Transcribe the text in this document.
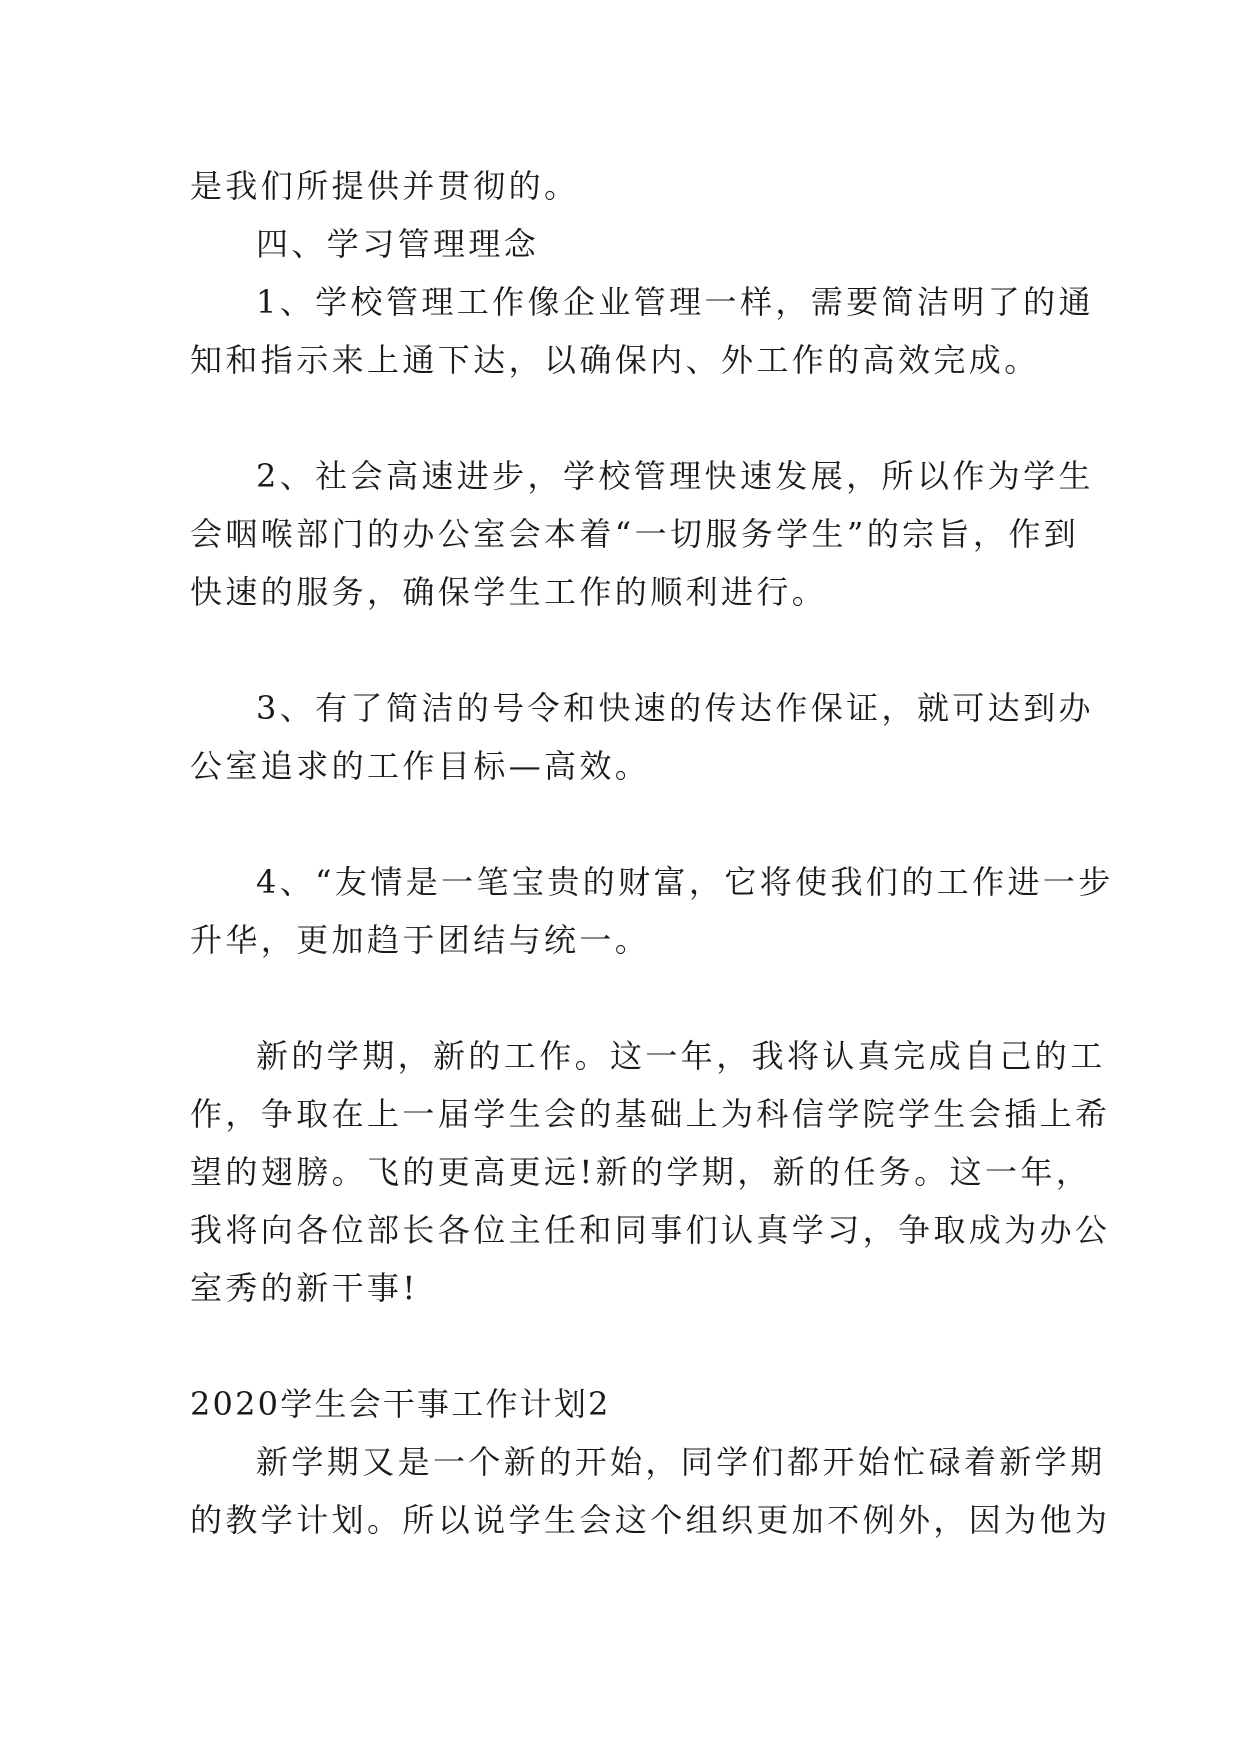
是我们所提供并贯彻的。
四、学习管理理念
1、学校管理工作像企业管理一样，需要简洁明了的通
知和指示来上通下达，以确保内、外工作的高效完成。
2、社会高速进步，学校管理快速发展，所以作为学生
会咽喉部门的办公室会本着“一切服务学生”的宗旨，作到
快速的服务，确保学生工作的顺利进行。
3、有了简洁的号令和快速的传达作保证，就可达到办
公室追求的工作目标—高效。
4、“友情是一笔宝贵的财富，它将使我们的工作进一步
升华，更加趋于团结与统一。
新的学期，新的工作。这一年，我将认真完成自己的工
作，争取在上一届学生会的基础上为科信学院学生会插上希
望的翅膀。飞的更高更远!新的学期，新的任务。这一年，
我将向各位部长各位主任和同事们认真学习，争取成为办公
室秀的新干事!
2020学生会干事工作计划2
新学期又是一个新的开始，同学们都开始忙碌着新学期
的教学计划。所以说学生会这个组织更加不例外，因为他为
